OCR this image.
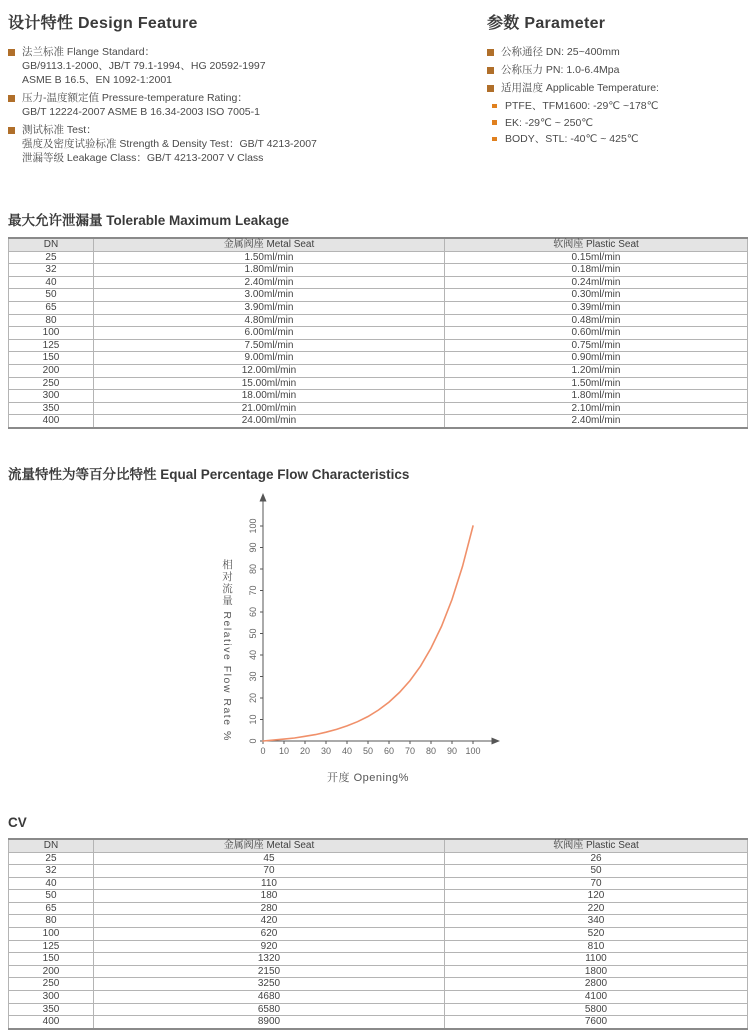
设计特性 Design Feature
法兰标准 Flange Standard：
GB/9113.1-2000、JB/T 79.1-1994、HG 20592-1997
ASME B 16.5、EN 1092-1:2001
压力-温度额定值 Pressure-temperature Rating：
GB/T 12224-2007 ASME B 16.34-2003 ISO 7005-1
测试标准 Test：
强度及密度试验标准 Strength & Density Test：GB/T 4213-2007
泄漏等级 Leakage Class：GB/T 4213-2007 V Class
参数 Parameter
公称通径 DN: 25~400mm
公称压力 PN: 1.0-6.4Mpa
适用温度 Applicable Temperature:
PTFE、TFM1600: -29℃ ~178℃
EK: -29℃ ~ 250℃
BODY、STL: -40℃ ~ 425℃
最大允许泄漏量 Tolerable Maximum Leakage
DN	金属阀座 Metal Seat	软阀座 Plastic Seat
25	1.50ml/min	0.15ml/min
32	1.80ml/min	0.18ml/min
40	2.40ml/min	0.24ml/min
50	3.00ml/min	0.30ml/min
65	3.90ml/min	0.39ml/min
80	4.80ml/min	0.48ml/min
100	6.00ml/min	0.60ml/min
125	7.50ml/min	0.75ml/min
150	9.00ml/min	0.90ml/min
200	12.00ml/min	1.20ml/min
250	15.00ml/min	1.50ml/min
300	18.00ml/min	1.80ml/min
350	21.00ml/min	2.10ml/min
400	24.00ml/min	2.40ml/min
流量特性为等百分比特性 Equal Percentage Flow Characteristics
相对流量 Relative Flow Rate %
开度 Opening%
0 10 20 30 40 50 60 70 80 90 100
0
10
20
30
40
50
60
70
80
90
100
CV
DN	金属阀座 Metal Seat	软阀座 Plastic Seat
25	45	26
32	70	50
40	110	70
50	180	120
65	280	220
80	420	340
100	620	520
125	920	810
150	1320	1100
200	2150	1800
250	3250	2800
300	4680	4100
350	6580	5800
400	8900	7600
